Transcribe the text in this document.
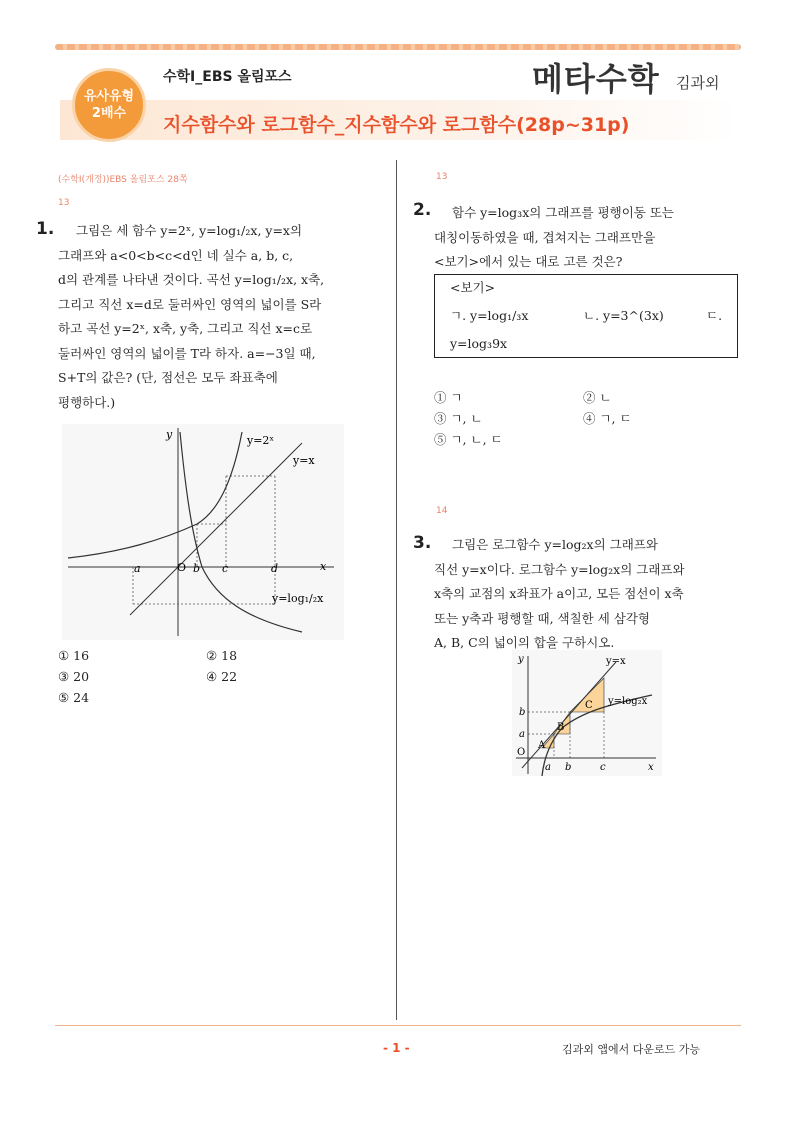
유사유형
2배수
수학Ⅰ_EBS 올림포스	메타수학 김과외
지수함수와 로그함수_지수함수와 로그함수(28p~31p)
(수학I(개정))EBS 올림포스 28쪽
13
1.	그림은 세 함수 y=2ˣ, y=log₁/₂x, y=x의
그래프와 a<0<b<c<d인 네 실수 a, b, c,
d의 관계를 나타낸 것이다. 곡선 y=log₁/₂x, x축,
그리고 직선 x=d로 둘러싸인 영역의 넓이를 S라
하고 곡선 y=2ˣ, x축, y축, 그리고 직선 x=c로
둘러싸인 영역의 넓이를 T라 하자. a=−3일 때,
S+T의 값은? (단, 점선은 모두 좌표축에
평행하다.)
y
x
O
y=2ˣ
y=x
y=log₁/₂x
a	b c	d
① 16	② 18
③ 20	④ 22
⑤ 24
13
2.	함수 y=log₃x의 그래프를 평행이동 또는
대칭이동하였을 때, 겹쳐지는 그래프만을
<보기>에서 있는 대로 고른 것은?
<보기>
ㄱ. y=log₁/₃x	ㄴ. y=3^(3x)	ㄷ.
y=log₃9x
① ㄱ	② ㄴ
③ ㄱ, ㄴ	④ ㄱ, ㄷ
⑤ ㄱ, ㄴ, ㄷ
14
3.	그림은 로그함수 y=log₂x의 그래프와
직선 y=x이다. 로그함수 y=log₂x의 그래프와
x축의 교점의 x좌표가 a이고, 모든 점선이 x축
또는 y축과 평행할 때, 색칠한 세 삼각형
A, B, C의 넓이의 합을 구하시오.
y
x
O
y=x
y=log₂x
A
B
C
a b	c
a
b
- 1 -	김과외 앱에서 다운로드 가능
